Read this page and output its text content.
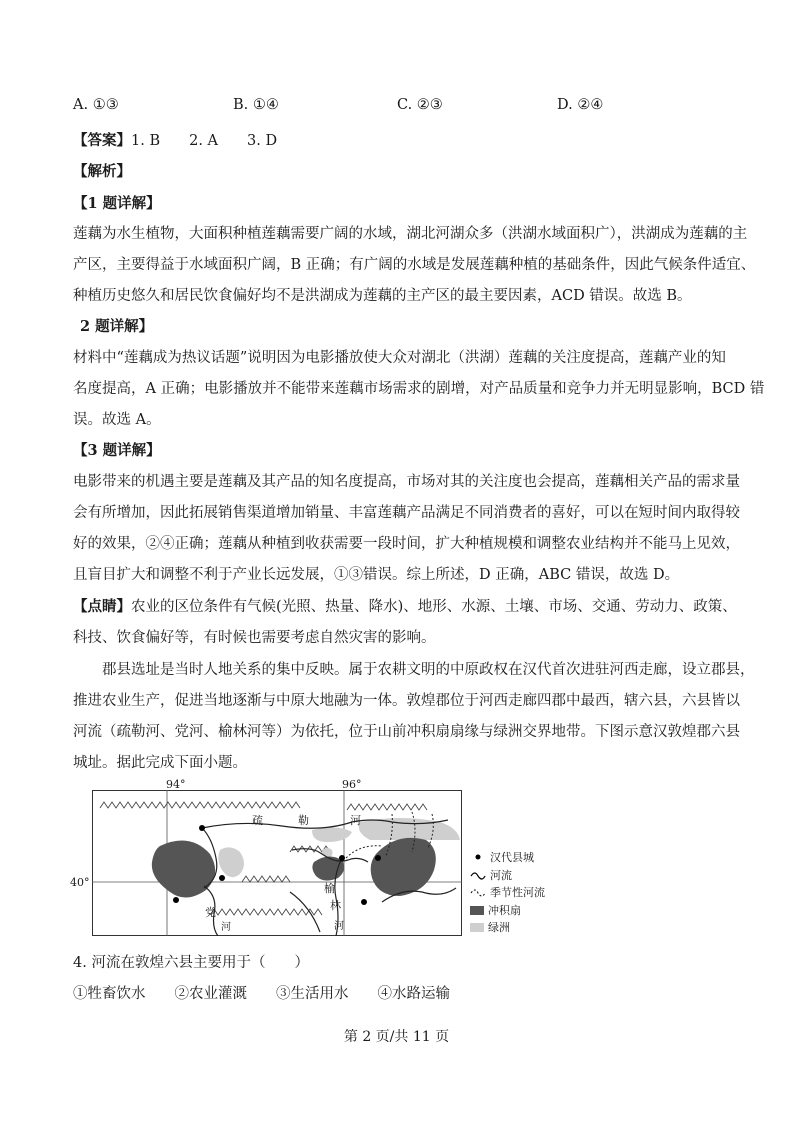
A. ①③	B. ①④	C. ②③	D. ②④
【答案】1. B　　2. A　　3. D
【解析】
【1 题详解】
莲藕为水生植物，大面积种植莲藕需要广阔的水域，湖北河湖众多（洪湖水域面积广），洪湖成为莲藕的主
产区，主要得益于水域面积广阔，B 正确；有广阔的水域是发展莲藕种植的基础条件，因此气候条件适宜、
种植历史悠久和居民饮食偏好均不是洪湖成为莲藕的主产区的最主要因素，ACD 错误。故选 B。
2 题详解】
材料中“莲藕成为热议话题”说明因为电影播放使大众对湖北（洪湖）莲藕的关注度提高，莲藕产业的知
名度提高，A 正确；电影播放并不能带来莲藕市场需求的剧增，对产品质量和竞争力并无明显影响，BCD 错
误。故选 A。
【3 题详解】
电影带来的机遇主要是莲藕及其产品的知名度提高，市场对其的关注度也会提高，莲藕相关产品的需求量
会有所增加，因此拓展销售渠道增加销量、丰富莲藕产品满足不同消费者的喜好，可以在短时间内取得较
好的效果，②④正确；莲藕从种植到收获需要一段时间，扩大种植规模和调整农业结构并不能马上见效，
且盲目扩大和调整不利于产业长远发展，①③错误。综上所述，D 正确，ABC 错误，故选 D。
【点睛】农业的区位条件有气候(光照、热量、降水)、地形、水源、土壤、市场、交通、劳动力、政策、
科技、饮食偏好等，有时候也需要考虑自然灾害的影响。
郡县选址是当时人地关系的集中反映。属于农耕文明的中原政权在汉代首次进驻河西走廊，设立郡县，
推进农业生产，促进当地逐渐与中原大地融为一体。敦煌郡位于河西走廊四郡中最西，辖六县，六县皆以
河流（疏勒河、党河、榆林河等）为依托，位于山前冲积扇扇缘与绿洲交界地带。下图示意汉敦煌郡六县
城址。据此完成下面小题。
94°	96°
40°
疏	勒	河
党
河
榆
林
河
汉代县城
河流
季节性河流
冲积扇
绿洲
4. 河流在敦煌六县主要用于（　　）
①牲畜饮水　　②农业灌溉　　③生活用水　　④水路运输
第 2 页/共 11 页
